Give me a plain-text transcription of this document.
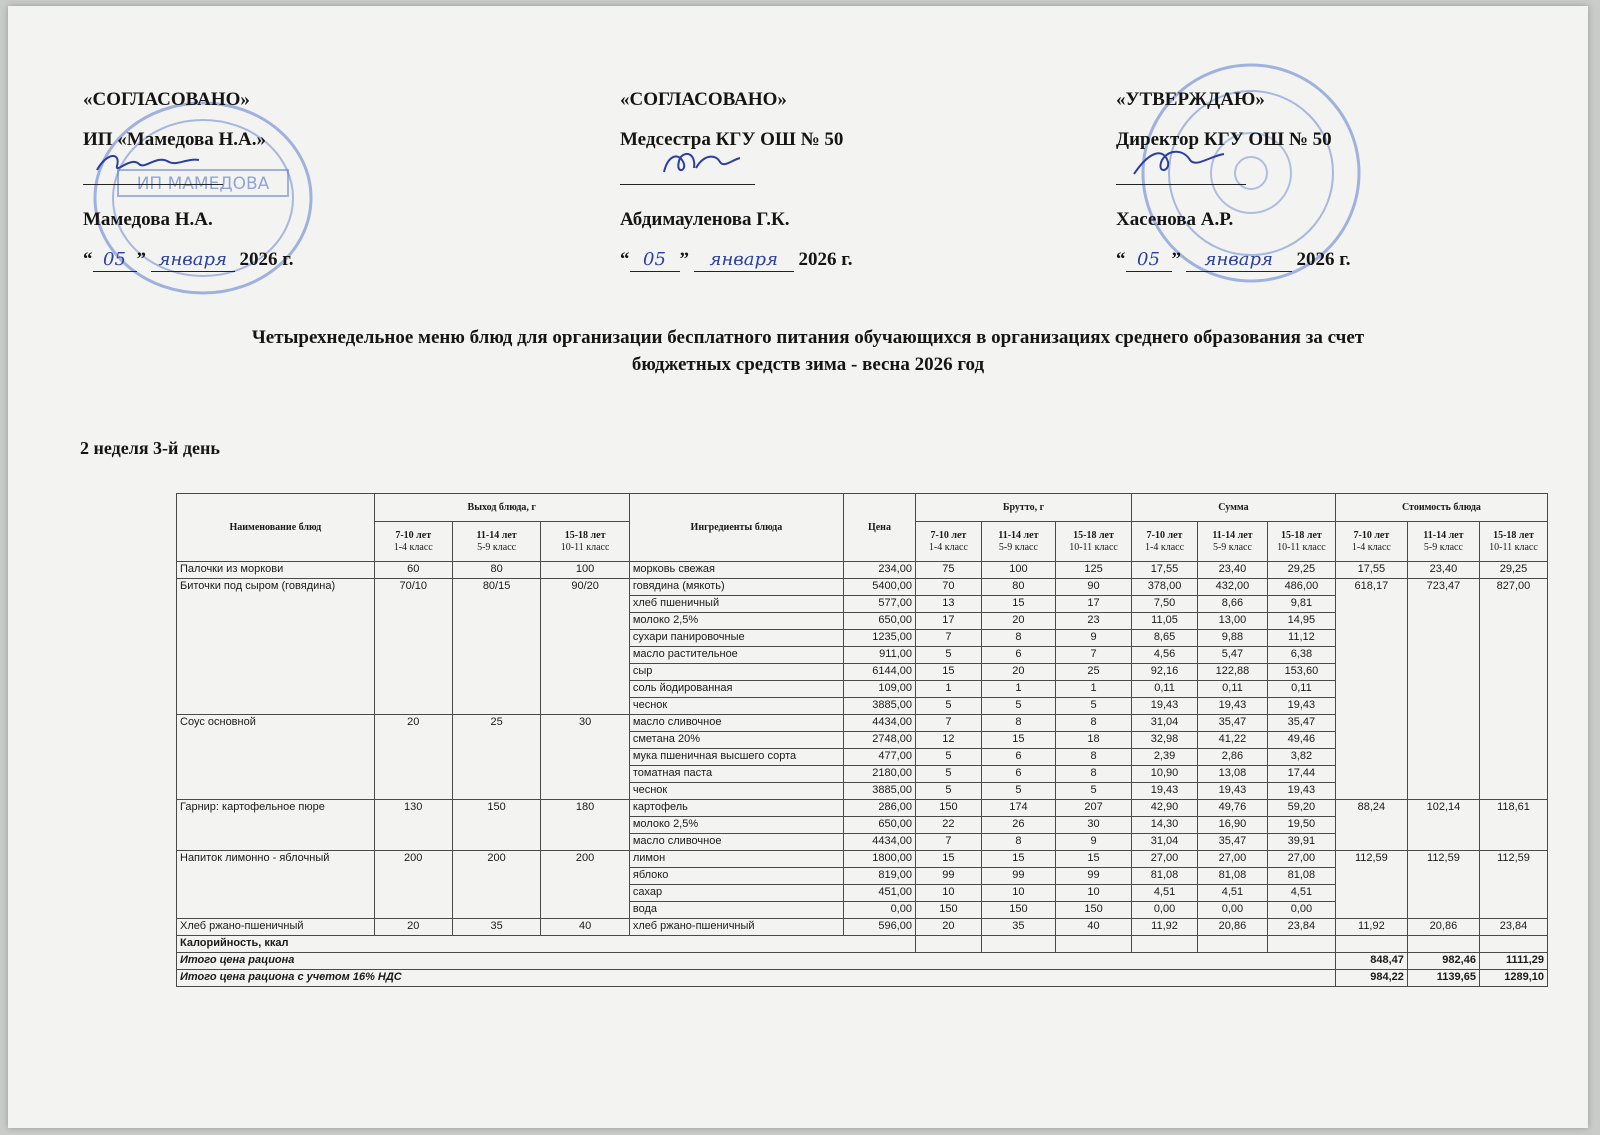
ИП МАМЕДОВА
«СОГЛАСОВАНО»
ИП «Мамедова Н.А.»
Мамедова Н.А.
“ 05 ” января 2026 г.
«СОГЛАСОВАНО»
Медсестра КГУ ОШ № 50
Абдимауленова Г.К.
“ 05 ” января 2026 г.
«УТВЕРЖДАЮ»
Директор КГУ ОШ № 50
Хасенова А.Р.
“ 05 ” января 2026 г.
Четырехнедельное меню блюд для организации бесплатного питания обучающихся в организациях среднего образования за счет
бюджетных средств зима - весна 2026 год
2 неделя 3-й день
Наименование блюд	Выход блюда, г			Ингредиенты блюда	Цена	Брутто, г			Сумма			Стоимость блюда		

	7-10 лет
1-4 класс	11-14 лет
5-9 класс	15-18 лет
10-11 класс			7-10 лет
1-4 класс	11-14 лет
5-9 класс	15-18 лет
10-11 класс	7-10 лет
1-4 класс	11-14 лет
5-9 класс	15-18 лет
10-11 класс	7-10 лет
1-4 класс	11-14 лет
5-9 класс	15-18 лет
10-11 класс
Палочки из моркови	60	80	100	морковь свежая	234,00	75	100	125	17,55	23,40	29,25	17,55	23,40	29,25
Биточки под сыром (говядина)	70/10	80/15	90/20	говядина (мякоть)	5400,00	70	80	90	378,00	432,00	486,00	618,17	723,47	827,00
				хлеб пшеничный	577,00	13	15	17	7,50	8,66	9,81			
				молоко 2,5%	650,00	17	20	23	11,05	13,00	14,95			
				сухари панировочные	1235,00	7	8	9	8,65	9,88	11,12			
				масло растительное	911,00	5	6	7	4,56	5,47	6,38			
				сыр	6144,00	15	20	25	92,16	122,88	153,60			
				соль йодированная	109,00	1	1	1	0,11	0,11	0,11			
				чеснок	3885,00	5	5	5	19,43	19,43	19,43			
Соус основной	20	25	30	масло сливочное	4434,00	7	8	8	31,04	35,47	35,47			
				сметана 20%	2748,00	12	15	18	32,98	41,22	49,46			
				мука пшеничная высшего сорта	477,00	5	6	8	2,39	2,86	3,82			
				томатная паста	2180,00	5	6	8	10,90	13,08	17,44			
				чеснок	3885,00	5	5	5	19,43	19,43	19,43			
Гарнир: картофельное пюре	130	150	180	картофель	286,00	150	174	207	42,90	49,76	59,20	88,24	102,14	118,61
				молоко 2,5%	650,00	22	26	30	14,30	16,90	19,50			
				масло сливочное	4434,00	7	8	9	31,04	35,47	39,91			
Напиток лимонно - яблочный	200	200	200	лимон	1800,00	15	15	15	27,00	27,00	27,00	112,59	112,59	112,59
				яблоко	819,00	99	99	99	81,08	81,08	81,08			
				сахар	451,00	10	10	10	4,51	4,51	4,51			
				вода	0,00	150	150	150	0,00	0,00	0,00			
Хлеб ржано-пшеничный	20	35	40	хлеб ржано-пшеничный	596,00	20	35	40	11,92	20,86	23,84	11,92	20,86	23,84
Калорийность, ккал														
Итого цена рациона												848,47	982,46	1111,29
Итого цена рациона с учетом 16% НДС												984,22	1139,65	1289,10
